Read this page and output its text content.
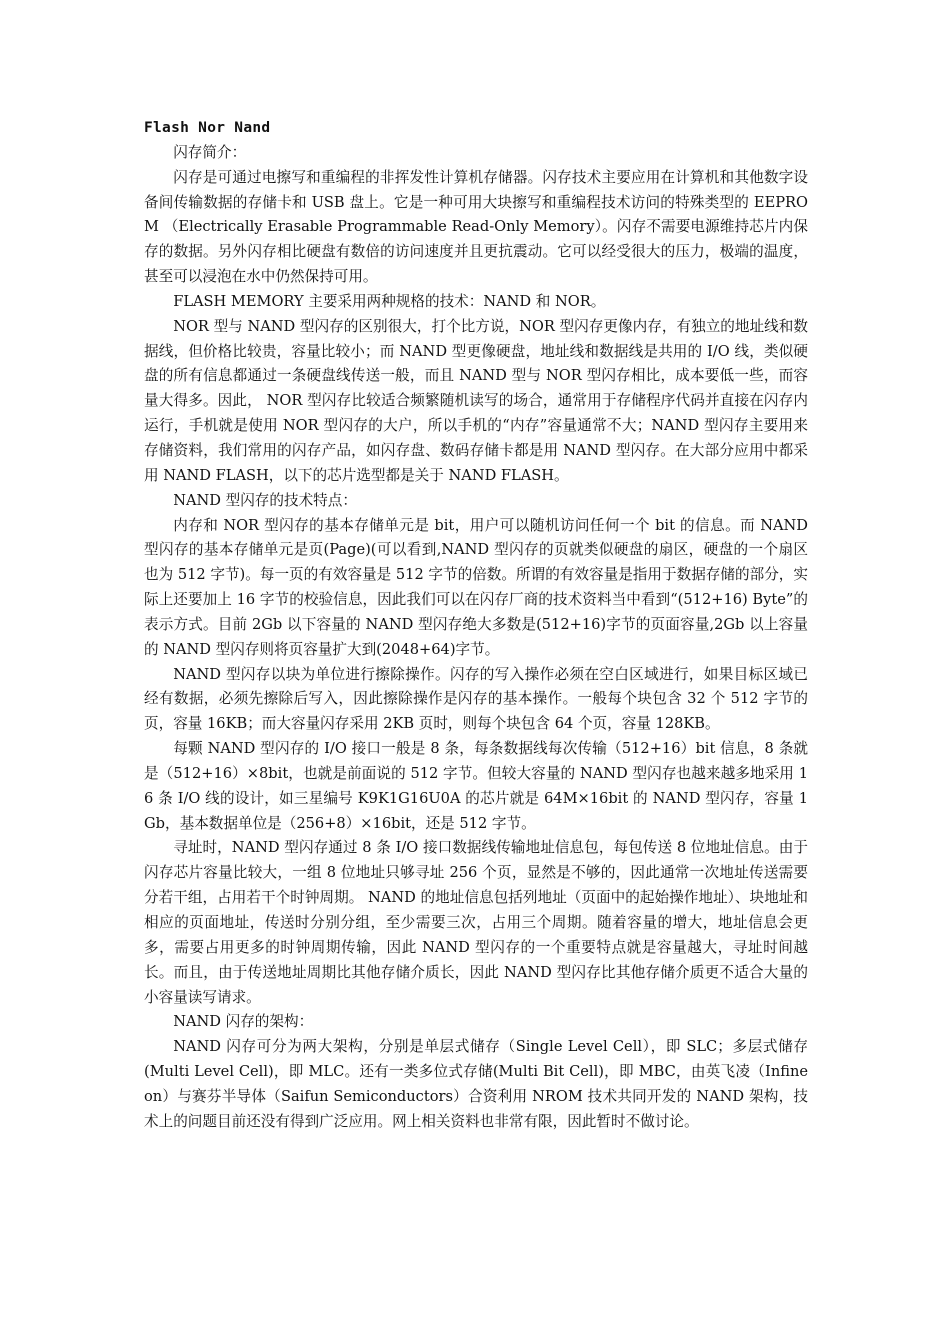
Flash Nor Nand

闪存简介：

闪存是可通过电擦写和重编程的非挥发性计算机存储器。闪存技术主要应用在计算机和其他数字设备间传输数据的存储卡和 USB 盘上。它是一种可用大块擦写和重编程技术访问的特殊类型的 EEPROM （Electrically Erasable Programmable Read-Only Memory）。闪存不需要电源维持芯片内保存的数据。另外闪存相比硬盘有数倍的访问速度并且更抗震动。它可以经受很大的压力，极端的温度，甚至可以浸泡在水中仍然保持可用。

FLASH MEMORY 主要采用两种规格的技术：NAND 和 NOR。

NOR 型与 NAND 型闪存的区别很大，打个比方说，NOR 型闪存更像内存，有独立的地址线和数据线，但价格比较贵，容量比较小；而 NAND 型更像硬盘，地址线和数据线是共用的 I/O 线，类似硬盘的所有信息都通过一条硬盘线传送一般，而且 NAND 型与 NOR 型闪存相比，成本要低一些，而容量大得多。因此， NOR 型闪存比较适合频繁随机读写的场合，通常用于存储程序代码并直接在闪存内运行，手机就是使用 NOR 型闪存的大户，所以手机的“内存”容量通常不大；NAND 型闪存主要用来存储资料，我们常用的闪存产品，如闪存盘、数码存储卡都是用 NAND 型闪存。在大部分应用中都采用 NAND FLASH，以下的芯片选型都是关于 NAND FLASH。

NAND 型闪存的技术特点：

内存和 NOR 型闪存的基本存储单元是 bit，用户可以随机访问任何一个 bit 的信息。而 NAND 型闪存的基本存储单元是页(Page)(可以看到,NAND 型闪存的页就类似硬盘的扇区，硬盘的一个扇区也为 512 字节)。每一页的有效容量是 512 字节的倍数。所谓的有效容量是指用于数据存储的部分，实际上还要加上 16 字节的校验信息，因此我们可以在闪存厂商的技术资料当中看到“(512+16) Byte”的表示方式。目前 2Gb 以下容量的 NAND 型闪存绝大多数是(512+16)字节的页面容量,2Gb 以上容量的 NAND 型闪存则将页容量扩大到(2048+64)字节。

NAND 型闪存以块为单位进行擦除操作。闪存的写入操作必须在空白区域进行，如果目标区域已经有数据，必须先擦除后写入，因此擦除操作是闪存的基本操作。一般每个块包含 32 个 512 字节的页，容量 16KB；而大容量闪存采用 2KB 页时，则每个块包含 64 个页，容量 128KB。

每颗 NAND 型闪存的 I/O 接口一般是 8 条，每条数据线每次传输（512+16）bit 信息，8 条就是（512+16）×8bit，也就是前面说的 512 字节。但较大容量的 NAND 型闪存也越来越多地采用 16 条 I/O 线的设计，如三星编号 K9K1G16U0A 的芯片就是 64M×16bit 的 NAND 型闪存，容量 1Gb，基本数据单位是（256+8）×16bit，还是 512 字节。

寻址时，NAND 型闪存通过 8 条 I/O 接口数据线传输地址信息包，每包传送 8 位地址信息。由于闪存芯片容量比较大，一组 8 位地址只够寻址 256 个页，显然是不够的，因此通常一次地址传送需要分若干组，占用若干个时钟周期。 NAND 的地址信息包括列地址（页面中的起始操作地址）、块地址和相应的页面地址，传送时分别分组，至少需要三次，占用三个周期。随着容量的增大，地址信息会更多，需要占用更多的时钟周期传输，因此 NAND 型闪存的一个重要特点就是容量越大，寻址时间越长。而且，由于传送地址周期比其他存储介质长，因此 NAND 型闪存比其他存储介质更不适合大量的小容量读写请求。

NAND 闪存的架构：

NAND 闪存可分为两大架构，分别是单层式储存（Single Level Cell），即 SLC；多层式储存(Multi Level Cell)，即 MLC。还有一类多位式存储(Multi Bit Cell)，即 MBC，由英飞凌（Infineon）与赛芬半导体（Saifun Semiconductors）合资利用 NROM 技术共同开发的 NAND 架构，技术上的问题目前还没有得到广泛应用。网上相关资料也非常有限，因此暂时不做讨论。
